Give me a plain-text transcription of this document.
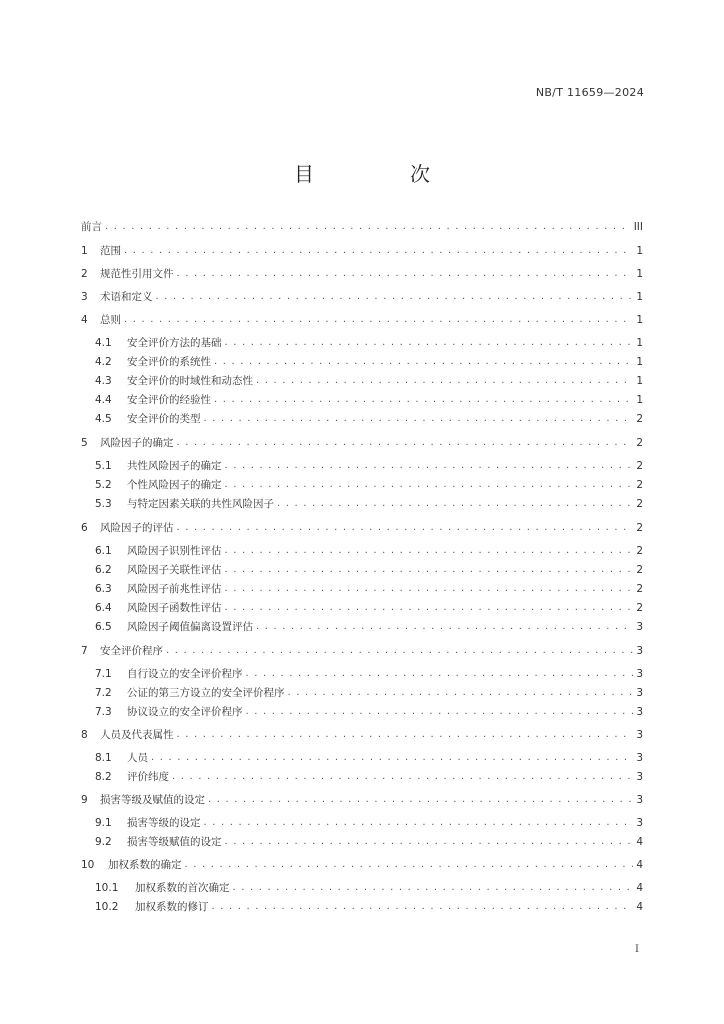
NB/T 11659—2024
目　次
前言 . . .	III
1 范围 . . .	1
2 规范性引用文件 . . .	1
3 术语和定义 . . .	1
4 总则 . . .	1
4.1 安全评价方法的基础 . . .	1
4.2 安全评价的系统性 . . .	1
4.3 安全评价的时域性和动态性 . . .	1
4.4 安全评价的经验性 . . .	1
4.5 安全评价的类型 . . .	2
5 风险因子的确定 . . .	2
5.1 共性风险因子的确定 . . .	2
5.2 个性风险因子的确定 . . .	2
5.3 与特定因素关联的共性风险因子 . . .	2
6 风险因子的评估 . . .	2
6.1 风险因子识别性评估 . . .	2
6.2 风险因子关联性评估 . . .	2
6.3 风险因子前兆性评估 . . .	2
6.4 风险因子函数性评估 . . .	2
6.5 风险因子阈值偏离设置评估 . . .	3
7 安全评价程序 . . .	3
7.1 自行设立的安全评价程序 . . .	3
7.2 公证的第三方设立的安全评价程序 . . .	3
7.3 协议设立的安全评价程序 . . .	3
8 人员及代表属性 . . .	3
8.1 人员 . . .	3
8.2 评价纬度 . . .	3
9 损害等级及赋值的设定 . . .	3
9.1 损害等级的设定 . . .	3
9.2 损害等级赋值的设定 . . .	4
10 加权系数的确定 . . .	4
10.1 加权系数的首次确定 . . .	4
10.2 加权系数的修订 . . .	4
I
